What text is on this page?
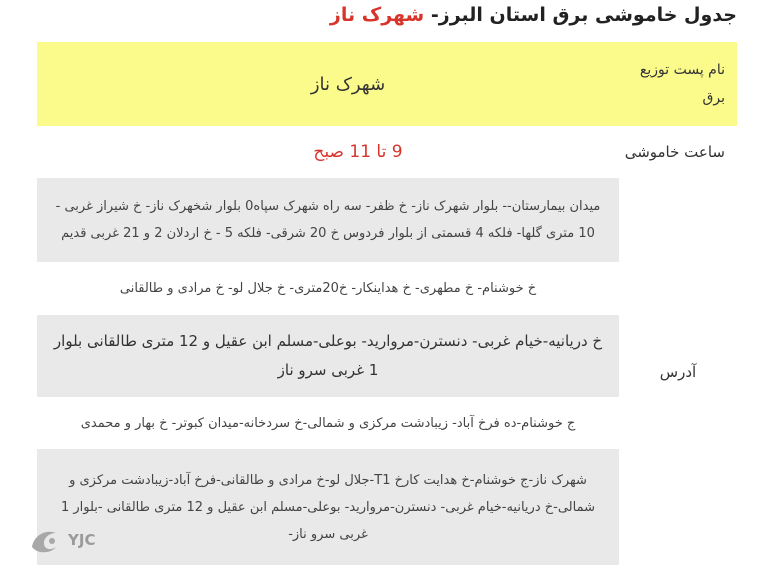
جدول خاموشی برق استان البرز- شهرک ناز
نام پست توزیع برق	شهرک ناز
ساعت خاموشی	9 تا 11 صبح
آدرس	میدان بیمارستان-- بلوار شهرک ناز- خ ظفر- سه راه شهرک سپاه0 بلوار شخهرک ناز- خ شیراز غربی - 10 متری گلها- فلکه 4 قسمتی از بلوار فردوس خ 20 شرقی- فلکه 5 - خ اردلان 2 و 21 غربی قدیم
	خ خوشنام- خ مطهری- خ هداینکار- خ20متری- خ جلال لو- خ مرادی و طالقانی
	خ دریانیه-خیام غربی- دنسترن-مروارید- بوعلی-مسلم ابن عقیل و 12 متری طالقانی بلوار 1 غربی سرو ناز
	ج خوشنام-ده فرخ آباد- زیبادشت مرکزی و شمالی-خ سردخانه-میدان کبوتر- خ بهار و محمدی
	شهرک ناز-ج خوشنام-خ هدایت کارخ T1-جلال لو-خ مرادی و طالقانی-فرخ آباد-زیبادشت مرکزی و شمالی-خ دریانیه-خیام غربی- دنسترن-مروارید- بوعلی-مسلم ابن عقیل و 12 متری طالقانی -بلوار 1 غربی سرو ناز-
YJC
